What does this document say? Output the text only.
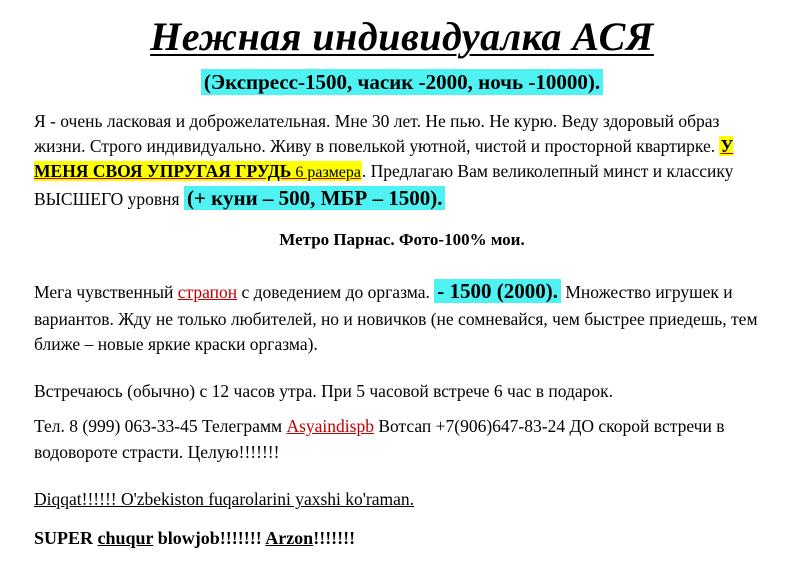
Нежная индивидуалка АСЯ
(Экспресс-1500, часик -2000, ночь -10000).

Я - очень ласковая и доброжелательная. Мне 30 лет. Не пью. Не курю. Веду здоровый образ жизни. Строго индивидуально. Живу в повелькой уютной, чистой и просторной квартирке. У МЕНЯ СВОЯ УПРУГАЯ ГРУДЬ 6 размера. Предлагаю Вам великолепный минст и классику ВЫСШЕГО уровня (+ куни – 500, МБР – 1500).

Метро Парнас. Фото-100% мои.

Мега чувственный страпон с доведением до оргазма. - 1500 (2000). Множество игрушек и вариантов. Жду не только любителей, но и новичков (не сомневайся, чем быстрее приедешь, тем ближе – новые яркие краски оргазма).

Встречаюсь (обычно) с 12 часов утра. При 5 часовой встрече 6 час в подарок.

Тел. 8 (999) 063-33-45 Телеграмм Asyaindispb Вотсап +7(906)647-83-24 ДО скорой встречи в водовороте страсти. Целую!!!!!!!

Diqqat!!!!!! O'zbekiston fuqarolarini yaxshi ko'raman.

SUPER chuqur blowjob!!!!!!! Arzon!!!!!!!
